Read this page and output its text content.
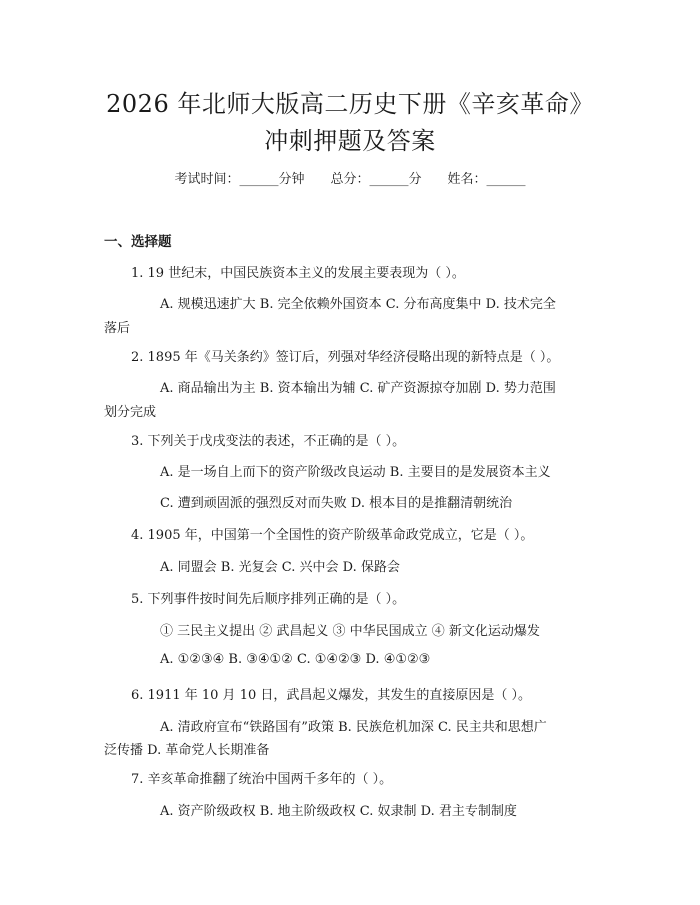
2026 年北师大版高二历史下册《辛亥革命》
冲刺押题及答案
考试时间：______分钟 总分：______分 姓名：______
一、选择题
1. 19 世纪末，中国民族资本主义的发展主要表现为（ ）。
A. 规模迅速扩大 B. 完全依赖外国资本 C. 分布高度集中 D. 技术完全
落后
2. 1895 年《马关条约》签订后，列强对华经济侵略出现的新特点是（ ）。
A. 商品输出为主 B. 资本输出为辅 C. 矿产资源掠夺加剧 D. 势力范围
划分完成
3. 下列关于戊戌变法的表述，不正确的是（ ）。
A. 是一场自上而下的资产阶级改良运动 B. 主要目的是发展资本主义
C. 遭到顽固派的强烈反对而失败 D. 根本目的是推翻清朝统治
4. 1905 年，中国第一个全国性的资产阶级革命政党成立，它是（ ）。
A. 同盟会 B. 光复会 C. 兴中会 D. 保路会
5. 下列事件按时间先后顺序排列正确的是（ ）。
① 三民主义提出 ② 武昌起义 ③ 中华民国成立 ④ 新文化运动爆发
A. ①②③④ B. ③④①② C. ①④②③ D. ④①②③
6. 1911 年 10 月 10 日，武昌起义爆发，其发生的直接原因是（ ）。
A. 清政府宣布“铁路国有”政策 B. 民族危机加深 C. 民主共和思想广
泛传播 D. 革命党人长期准备
7. 辛亥革命推翻了统治中国两千多年的（ ）。
A. 资产阶级政权 B. 地主阶级政权 C. 奴隶制 D. 君主专制制度
